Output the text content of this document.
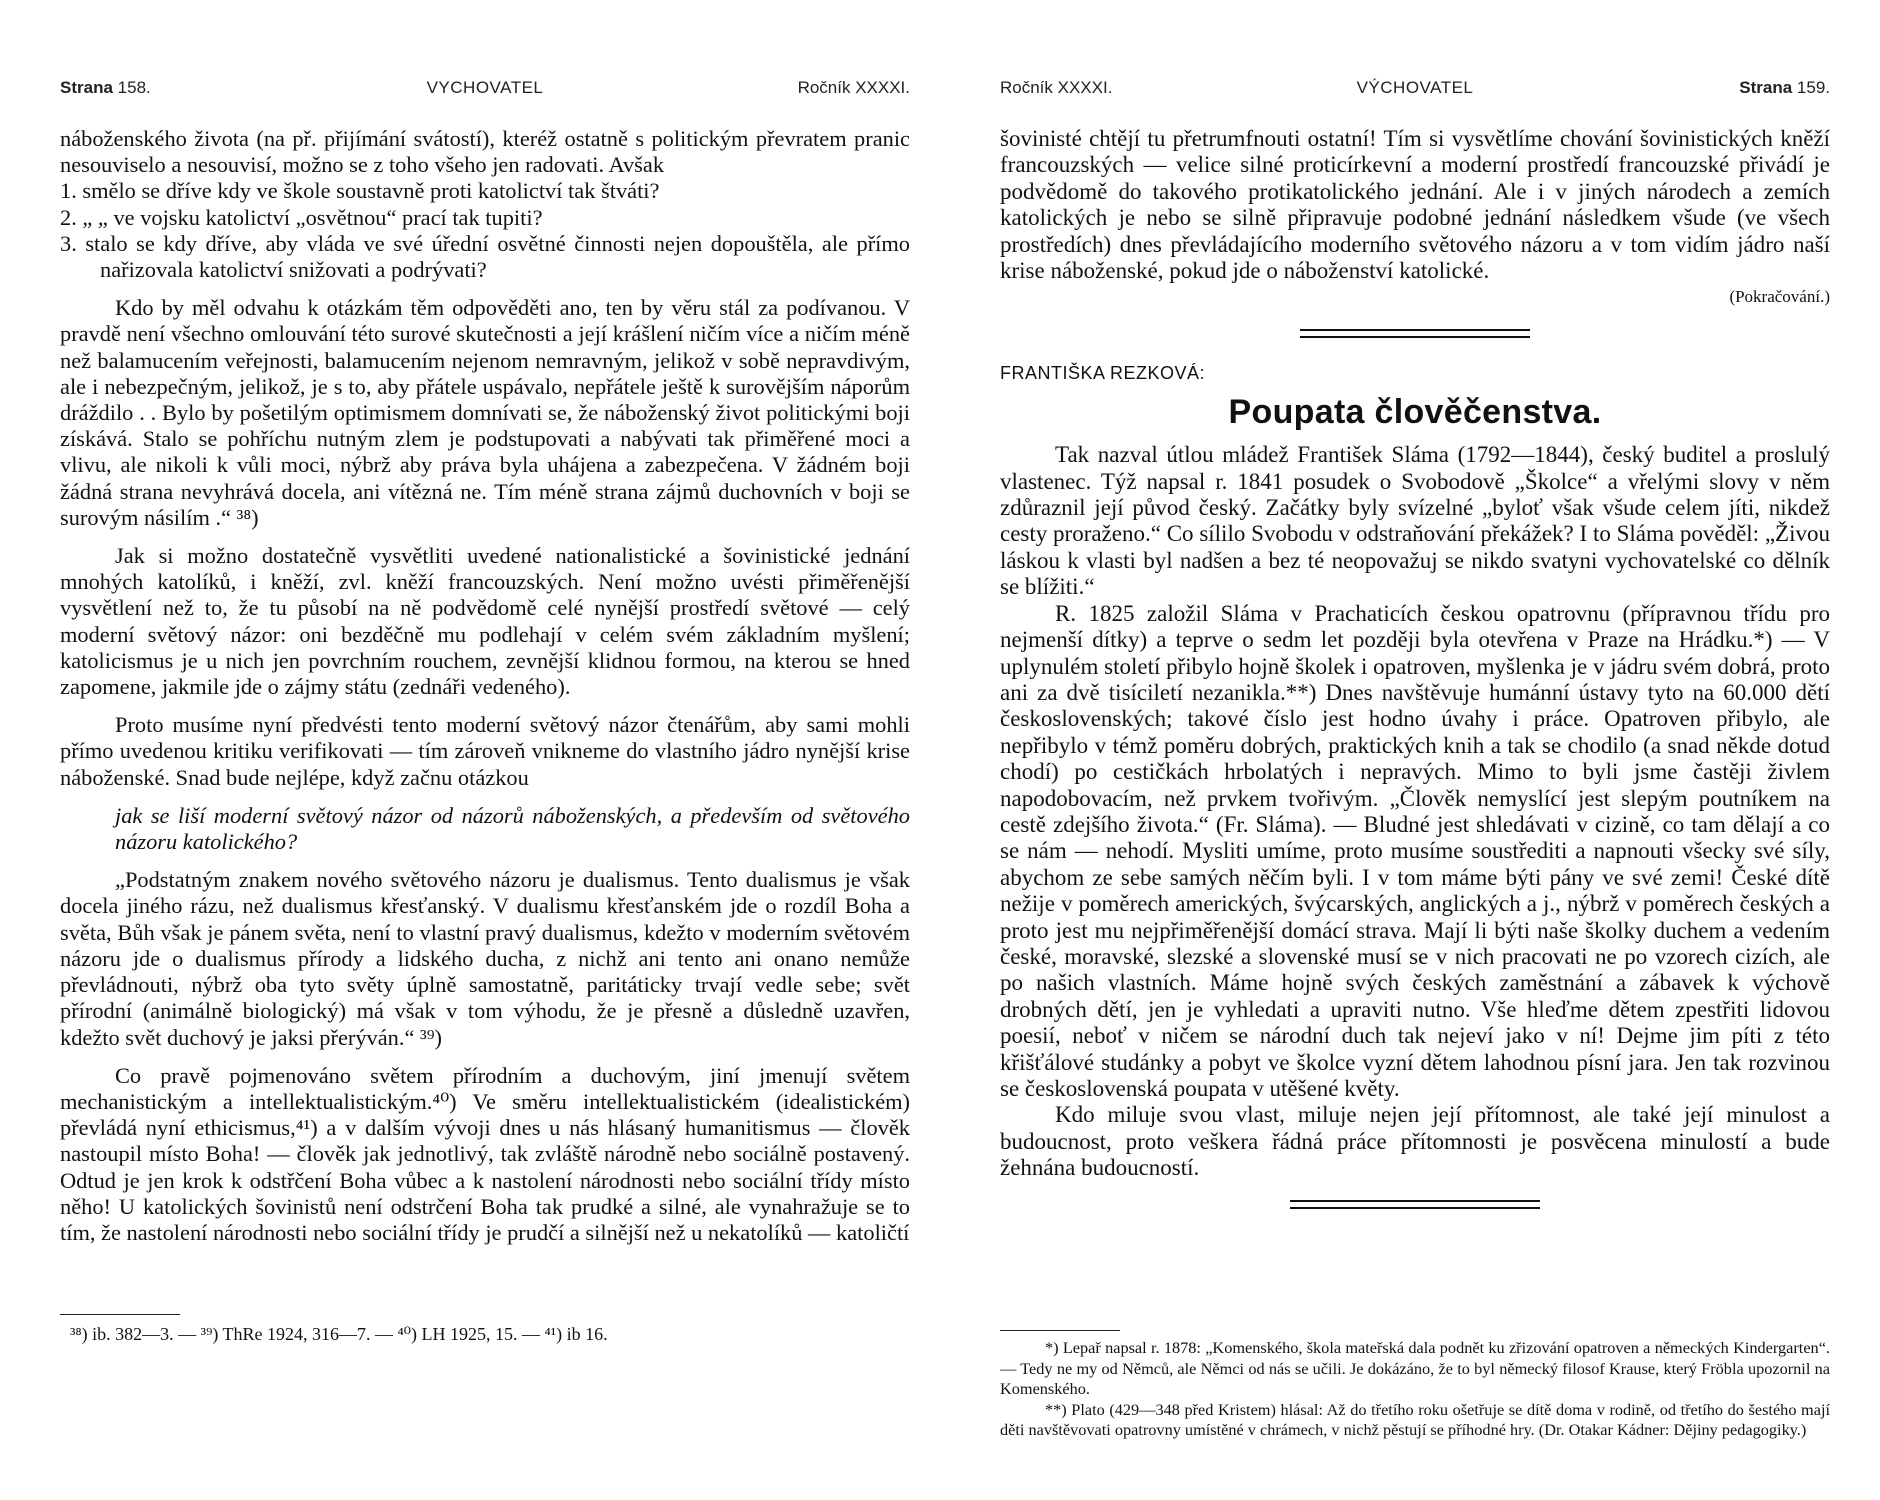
Strana 158.	VYCHOVATEL	Ročník XXXXI.

náboženského života (na př. přijímání svátostí), kteréž ostatně s politickým převratem pranic nesouviselo a nesouvisí, možno se z toho všeho jen radovati. Avšak

1. smělo se dříve kdy ve škole soustavně proti katolictví tak štváti?

2. „ „ ve vojsku katolictví „osvětnou“ prací tak tupiti?

3. stalo se kdy dříve, aby vláda ve své úřední osvětné činnosti nejen dopouštěla, ale přímo nařizovala katolictví snižovati a podrývati?

Kdo by měl odvahu k otázkám těm odpověděti ano, ten by věru stál za podívanou. V pravdě není všechno omlouvání této surové skutečnosti a její krášlení ničím více a ničím méně než balamucením veřejnosti, balamucením nejenom nemravným, jelikož v sobě nepravdivým, ale i nebezpečným, jelikož, je s to, aby přátele uspávalo, nepřátele ještě k surovějším náporům dráždilo . . Bylo by pošetilým optimismem domnívati se, že náboženský život politickými boji získává. Stalo se pohříchu nutným zlem je podstupovati a nabývati tak přiměřené moci a vlivu, ale nikoli k vůli moci, nýbrž aby práva byla uhájena a zabezpečena. V žádném boji žádná strana nevyhrává docela, ani vítězná ne. Tím méně strana zájmů duchovních v boji se surovým násilím .“ ³⁸)

Jak si možno dostatečně vysvětliti uvedené nationalistické a šovinistické jednání mnohých katolíků, i kněží, zvl. kněží francouzských. Není možno uvésti přiměřenější vysvětlení než to, že tu působí na ně podvědomě celé nynější prostředí světové — celý moderní světový názor: oni bezděčně mu podlehají v celém svém základním myšlení; katolicismus je u nich jen povrchním rouchem, zevnější klidnou formou, na kterou se hned zapomene, jakmile jde o zájmy státu (zednáři vedeného).

Proto musíme nyní předvésti tento moderní světový názor čtenářům, aby sami mohli přímo uvedenou kritiku verifikovati — tím zároveň vnikneme do vlastního jádro nynější krise náboženské. Snad bude nejlépe, když začnu otázkou

jak se liší moderní světový názor od názorů náboženských, a především od světového názoru katolického?

„Podstatným znakem nového světového názoru je dualismus. Tento dualismus je však docela jiného rázu, než dualismus křesťanský. V dualismu křesťanském jde o rozdíl Boha a světa, Bůh však je pánem světa, není to vlastní pravý dualismus, kdežto v moderním světovém názoru jde o dualismus přírody a lidského ducha, z nichž ani tento ani onano nemůže převládnouti, nýbrž oba tyto světy úplně samostatně, paritáticky trvají vedle sebe; svět přírodní (animálně biologický) má však v tom výhodu, že je přesně a důsledně uzavřen, kdežto svět duchový je jaksi přerýván.“ ³⁹)

Co pravě pojmenováno světem přírodním a duchovým, jiní jmenují světem mechanistickým a intellektualistickým.⁴⁰) Ve směru intellektualistickém (idealistickém) převládá nyní ethicismus,⁴¹) a v dalším vývoji dnes u nás hlásaný humanitismus — člověk nastoupil místo Boha! — člověk jak jednotlivý, tak zvláště národně nebo sociálně postavený. Odtud je jen krok k odstřčení Boha vůbec a k nastolení národnosti nebo sociální třídy místo něho! U katolických šovinistů není odstrčení Boha tak prudké a silné, ale vynahražuje se to tím, že nastolení národnosti nebo sociální třídy je prudčí a silnější než u nekatolíků — katoličtí

³⁸) ib. 382—3. — ³⁹) ThRe 1924, 316—7. — ⁴⁰) LH 1925, 15. — ⁴¹) ib 16.
Ročník XXXXI.	VÝCHOVATEL	Strana 159.

šovinisté chtějí tu přetrumfnouti ostatní! Tím si vysvětlíme chování šovinistických kněží francouzských — velice silné proticírkevní a moderní prostředí francouzské přivádí je podvědomě do takového protikatolického jednání. Ale i v jiných národech a zemích katolických je nebo se silně připravuje podobné jednání následkem všude (ve všech prostředích) dnes převládajícího moderního světového názoru a v tom vidím jádro naší krise náboženské, pokud jde o náboženství katolické.

(Pokračování.)
FRANTIŠKA REZKOVÁ:
Poupata člověčenstva.

Tak nazval útlou mládež František Sláma (1792—1844), český buditel a proslulý vlastenec. Týž napsal r. 1841 posudek o Svobodově „Školce“ a vřelými slovy v něm zdůraznil její původ český. Začátky byly svízelné „byloť však všude celem jíti, nikdež cesty proraženo.“ Co sílilo Svobodu v odstraňování překážek? I to Sláma pověděl: „Živou láskou k vlasti byl nadšen a bez té neopovažuj se nikdo svatyni vychovatelské co dělník se blížiti.“

R. 1825 založil Sláma v Prachaticích českou opatrovnu (přípravnou třídu pro nejmenší dítky) a teprve o sedm let později byla otevřena v Praze na Hrádku.*) — V uplynulém století přibylo hojně školek i opatroven, myšlenka je v jádru svém dobrá, proto ani za dvě tisíciletí nezanikla.**) Dnes navštěvuje humánní ústavy tyto na 60.000 dětí československých; takové číslo jest hodno úvahy i práce. Opatroven přibylo, ale nepřibylo v témž poměru dobrých, praktických knih a tak se chodilo (a snad někde dotud chodí) po cestičkách hrbolatých i nepravých. Mimo to byli jsme častěji živlem napodobovacím, než prvkem tvořivým. „Člověk nemyslící jest slepým poutníkem na cestě zdejšího života.“ (Fr. Sláma). — Bludné jest shledávati v cizině, co tam dělají a co se nám — nehodí. Mysliti umíme, proto musíme soustřediti a napnouti všecky své síly, abychom ze sebe samých něčím byli. I v tom máme býti pány ve své zemi! České dítě nežije v poměrech amerických, švýcarských, anglických a j., nýbrž v poměrech českých a proto jest mu nejpřiměřenější domácí strava. Mají li býti naše školky duchem a vedením české, moravské, slezské a slovenské musí se v nich pracovati ne po vzorech cizích, ale po našich vlastních. Máme hojně svých českých zaměstnání a zábavek k výchově drobných dětí, jen je vyhledati a upraviti nutno. Vše hleďme dětem zpestřiti lidovou poesií, neboť v ničem se národní duch tak nejeví jako v ní! Dejme jim píti z této křišťálové studánky a pobyt ve školce vyzní dětem lahodnou písní jara. Jen tak rozvinou se československá poupata v utěšené květy.

Kdo miluje svou vlast, miluje nejen její přítomnost, ale také její minulost a budoucnost, proto veškera řádná práce přítomnosti je posvěcena minulostí a bude žehnána budoucností.

*) Lepař napsal r. 1878: „Komenského, škola mateřská dala podnět ku zřizování opatroven a německých Kindergarten“. — Tedy ne my od Němců, ale Němci od nás se učili. Je dokázáno, že to byl německý filosof Krause, který Fröbla upozornil na Komenského.

**) Plato (429—348 před Kristem) hlásal: Až do třetího roku ošetřuje se dítě doma v rodině, od třetího do šestého mají děti navštěvovati opatrovny umístěné v chrámech, v nichž pěstují se příhodné hry. (Dr. Otakar Kádner: Dějiny pedagogiky.)
